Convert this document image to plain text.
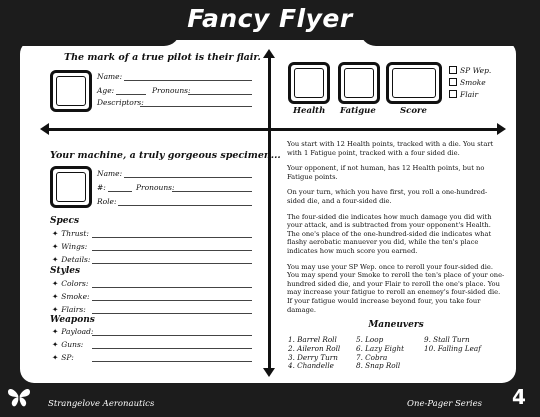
Fancy Flyer
The mark of a true pilot is their flair.
Name:
Age:	Pronouns:
Descriptors:
Health Fatigue	Score
SP Wep.
Smoke
Flair
Your machine, a truly gorgeous specimen...
Name:
#:	Pronouns:
Role:
Specs
✦ Thrust:
✦ Wings:
✦ Details:
Styles
✦ Colors:
✦ Smoke:
✦ Flairs:
Weapons
✦ Payload:
✦ Guns:
✦ SP:

You start with 12 Health points, tracked with a die. You start with 1 Fatigue point, tracked with a four sided die.

Your opponent, if not human, has 12 Health points, but no Fatigue points.

On your turn, which you have first, you roll a one-hundred-sided die, and a four-sided die.

The four-sided die indicates how much damage you did with your attack, and is subtracted from your opponent's Health. The one's place of the one-hundred-sided die indicates what flashy aerobatic manuever you did, while the ten's place indicates how much score you earned.

You may use your SP Wep. once to reroll your four-sided die. You may spend your Smoke to reroll the ten's place of your one-hundred sided die, and your Flair to reroll the one's place. You may increase your fatigue to reroll an enemey's four-sided die. If your fatigue would increase beyond four, you take four damage.

Maneuvers
1. Barrel Roll
2. Aileron Roll
3. Derry Turn
4. Chandelle
5. Loop
6. Lazy Eight
7. Cobra
8. Snap Roll
9. Stall Turn
10. Falling Leaf
Strangelove Aeronautics	One-Pager Series 4
